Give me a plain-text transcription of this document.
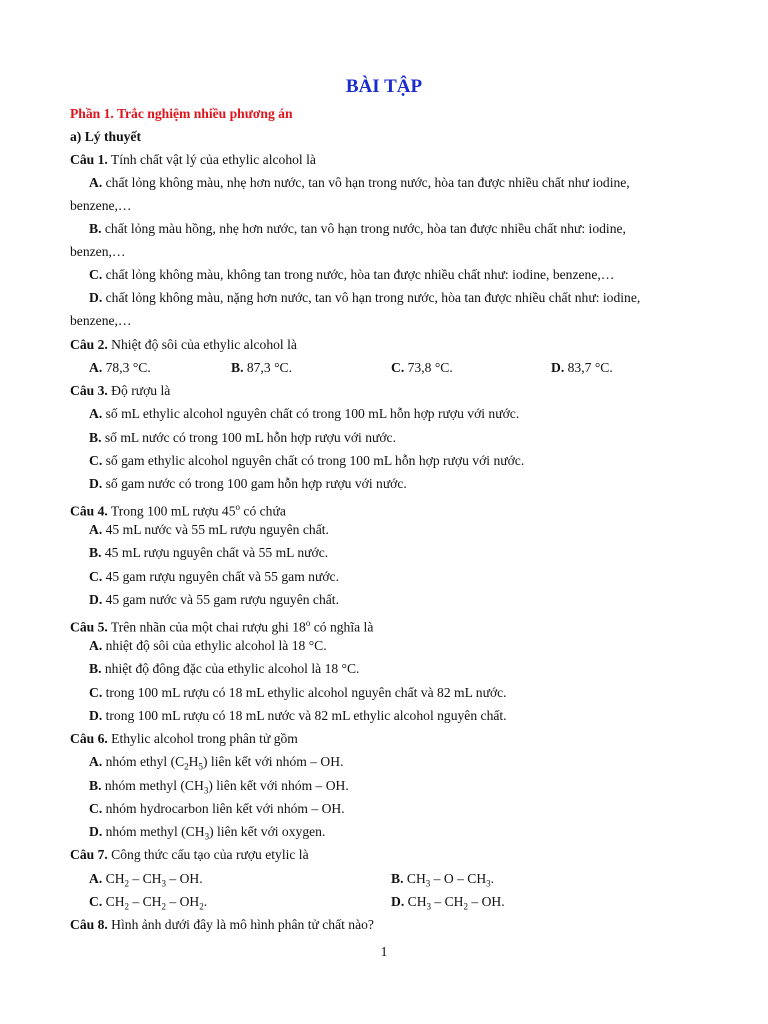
BÀI TẬP
Phần 1. Trắc nghiệm nhiều phương án
a) Lý thuyết
Câu 1. Tính chất vật lý của ethylic alcohol là
A. chất lỏng không màu, nhẹ hơn nước, tan vô hạn trong nước, hòa tan được nhiều chất như iodine,
benzene,…
B. chất lỏng màu hồng, nhẹ hơn nước, tan vô hạn trong nước, hòa tan được nhiều chất như: iodine,
benzen,…
C. chất lỏng không màu, không tan trong nước, hòa tan được nhiều chất như: iodine, benzene,…
D. chất lỏng không màu, nặng hơn nước, tan vô hạn trong nước, hòa tan được nhiều chất như: iodine,
benzene,…
Câu 2. Nhiệt độ sôi của ethylic alcohol là
A. 78,3 °C.	B. 87,3 °C.	C. 73,8 °C.	D. 83,7 °C.
Câu 3. Độ rượu là
A. số mL ethylic alcohol nguyên chất có trong 100 mL hỗn hợp rượu với nước.
B. số mL nước có trong 100 mL hỗn hợp rượu với nước.
C. số gam ethylic alcohol nguyên chất có trong 100 mL hỗn hợp rượu với nước.
D. số gam nước có trong 100 gam hỗn hợp rượu với nước.
Câu 4. Trong 100 mL rượu 45$^o$ có chứa
A. 45 mL nước và 55 mL rượu nguyên chất.
B. 45 mL rượu nguyên chất và 55 mL nước.
C. 45 gam rượu nguyên chất và 55 gam nước.
D. 45 gam nước và 55 gam rượu nguyên chất.
Câu 5. Trên nhãn của một chai rượu ghi 18$^o$ có nghĩa là
A. nhiệt độ sôi của ethylic alcohol là 18 °C.
B. nhiệt độ đông đặc của ethylic alcohol là 18 °C.
C. trong 100 mL rượu có 18 mL ethylic alcohol nguyên chất và 82 mL nước.
D. trong 100 mL rượu có 18 mL nước và 82 mL ethylic alcohol nguyên chất.
Câu 6. Ethylic alcohol trong phân tử gồm
A. nhóm ethyl $(C_2H_5)$ liên kết với nhóm – OH.
B. nhóm methyl $(CH_3)$ liên kết với nhóm – OH.
C. nhóm hydrocarbon liên kết với nhóm – OH.
D. nhóm methyl $(CH_3)$ liên kết với oxygen.
Câu 7. Công thức cấu tạo của rượu etylic là
A. $CH_2 - CH_3$ – OH.	B. $CH_3$ – O – $CH_3$.
C. $CH_2 - CH_2 - OH_2$.	D. $CH_3 - CH_2$ – OH.
Câu 8. Hình ảnh dưới đây là mô hình phân tử chất nào?
1
